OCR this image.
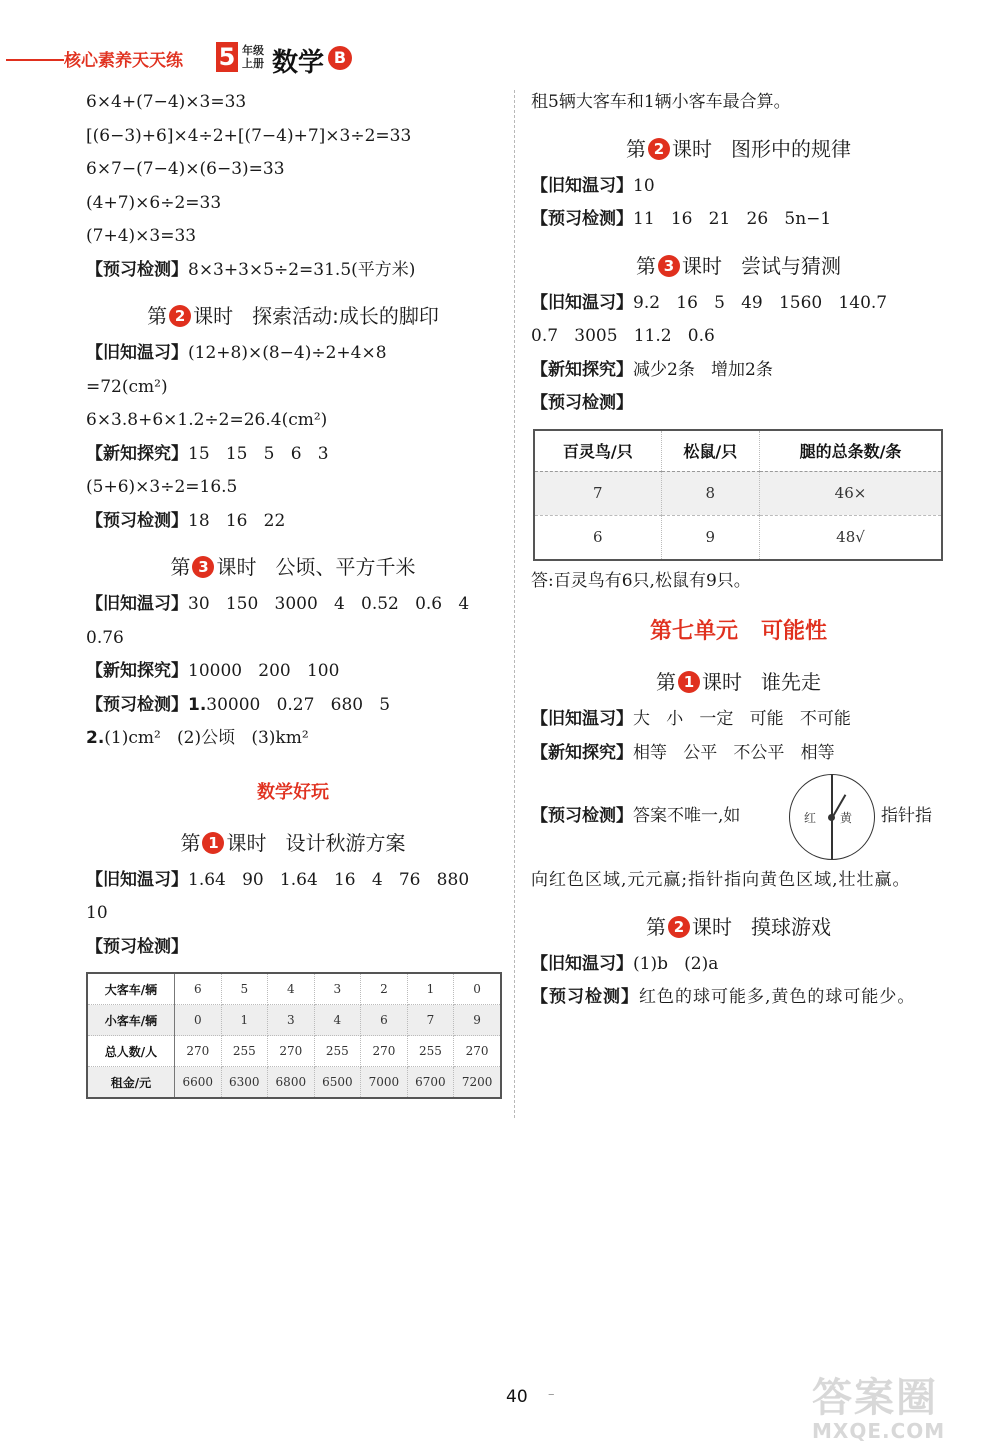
核心素养天天练 5 年级
上册 数学 B
6×4+(7−4)×3=33
[(6−3)+6]×4÷2+[(7−4)+7]×3÷2=33
6×7−(7−4)×(6−3)=33
(4+7)×6÷2=33
(7+4)×3=33
【预习检测】8×3+3×5÷2=31.5(平方米)
第 2 课时   探索活动:成长的脚印
【旧知温习】(12+8)×(8−4)÷2+4×8
=72(cm²)
6×3.8+6×1.2÷2=26.4(cm²)
【新知探究】15   15   5   6   3
(5+6)×3÷2=16.5
【预习检测】18   16   22
第 3 课时   公顷、平方千米
【旧知温习】30   150   3000   4   0.52   0.6   4
0.76
【新知探究】10000   200   100
【预习检测】1.30000   0.27   680   5
2.(1)cm²   (2)公顷   (3)km²
数学好玩
第 1 课时   设计秋游方案
【旧知温习】1.64   90   1.64   16   4   76   880
10
【预习检测】
大客车/辆	6	5	4	3	2	1	0
小客车/辆	0	1	3	4	6	7	9
总人数/人	270	255	270	255	270	255	270
租金/元	6600	6300	6800	6500	7000	6700	7200
租5辆大客车和1辆小客车最合算。
第 2 课时   图形中的规律
【旧知温习】10
【预习检测】11   16   21   26   5n−1
第 3 课时   尝试与猜测
【旧知温习】9.2   16   5   49   1560   140.7
0.7   3005   11.2   0.6
【新知探究】减少2条   增加2条
【预习检测】
百灵鸟/只	松鼠/只	腿的总条数/条
7	8	46×
6	9	48√
答:百灵鸟有6只,松鼠有9只。
第七单元   可能性
第 1 课时   谁先走
【旧知温习】大   小   一定   可能   不可能
【新知探究】相等   公平   不公平   相等
【预习检测】答案不唯一,如	红 黄 指针指
向红色区域,元元赢;指针指向黄色区域,壮壮赢。
第 2 课时   摸球游戏
【旧知温习】(1)b   (2)a
【预习检测】红色的球可能多,黄色的球可能少。
40 –	答案圈
MXQE.COM
